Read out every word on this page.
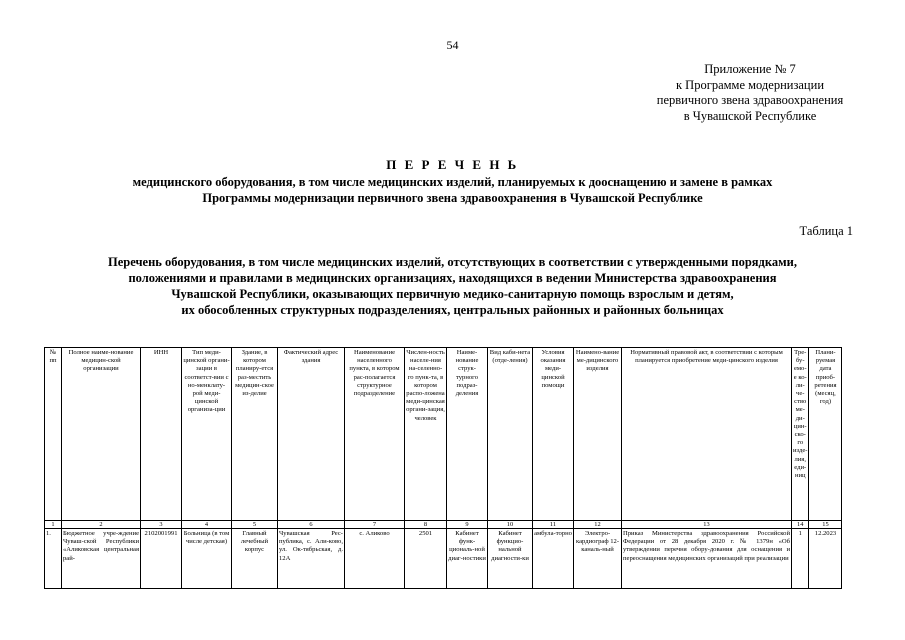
54
Приложение № 7
к Программе модернизации
первичного звена здравоохранения
в Чувашской Республике
П Е Р Е Ч Е Н Ь
медицинского оборудования, в том числе медицинских изделий, планируемых к дооснащению и замене в рамках
Программы модернизации первичного звена здравоохранения в Чувашской Республике
Таблица 1
Перечень оборудования, в том числе медицинских изделий, отсутствующих в соответствии с утвержденными порядками,
положениями и правилами в медицинских организациях, находящихся в ведении Министерства здравоохранения
Чувашской Республики, оказывающих первичную медико-санитарную помощь взрослым и детям,
их обособленных структурных подразделениях, центральных районных и районных больницах
№ пп	Полное наиме-нование медицин-ской организации	ИНН	Тип меди-цинской органи-зации в соответст-вии с но-менклату-рой меди-цинской организа-ции	Здание, в котором планиру-ется раз-местить медицин-ское из-делие	Фактический адрес здания	Наименование населенного пункта, в котором рас-полагается структурное подразделение	Числен-ность населе-ния на-селенно-го пунк-та, в котором распо-ложена меди-цинская органи-зация, человек	Наиме-нование струк-турного подраз-деления	Вид каби-нета (отде-ления)	Условия оказания меди-цинской помощи	Наимено-вание ме-дицинского изделия	Нормативный правовой акт, в соответствии с которым планируется приобретение меди-цинского изделия	Тре-бу-емо-е ко-ли-че-ство ме-ди-цин-ско-го изде-лия, еди-ниц	Плани-руемая дата приоб-ретения (месяц, год)
1	2	3	4	5	6	7	8	9	10	11	12	13	14	15
1.	Бюджетное учре-ждение Чуваш-ской Республики «Аликовская центральная рай-	2102001991	Больница (в том числе детская)	Главный лечебный корпус	Чувашская Рес-публика, с. Али-ково, ул. Ок-тябрьская, д. 12А	с. Аликово	2501	Кабинет функ-циональ-ной диаг-ностики	Кабинет функцио-нальной диагности-ки	амбула-торно	Электро-кардиограф 12-каналь-ный	Приказ Министерства здравоохранения Российской Федерации от 28 декабря 2020 г. № 1379н «Об утверждении перечня обору-дования для оснащения и переоснащения медицинских организаций при реализации	1	12.2023
